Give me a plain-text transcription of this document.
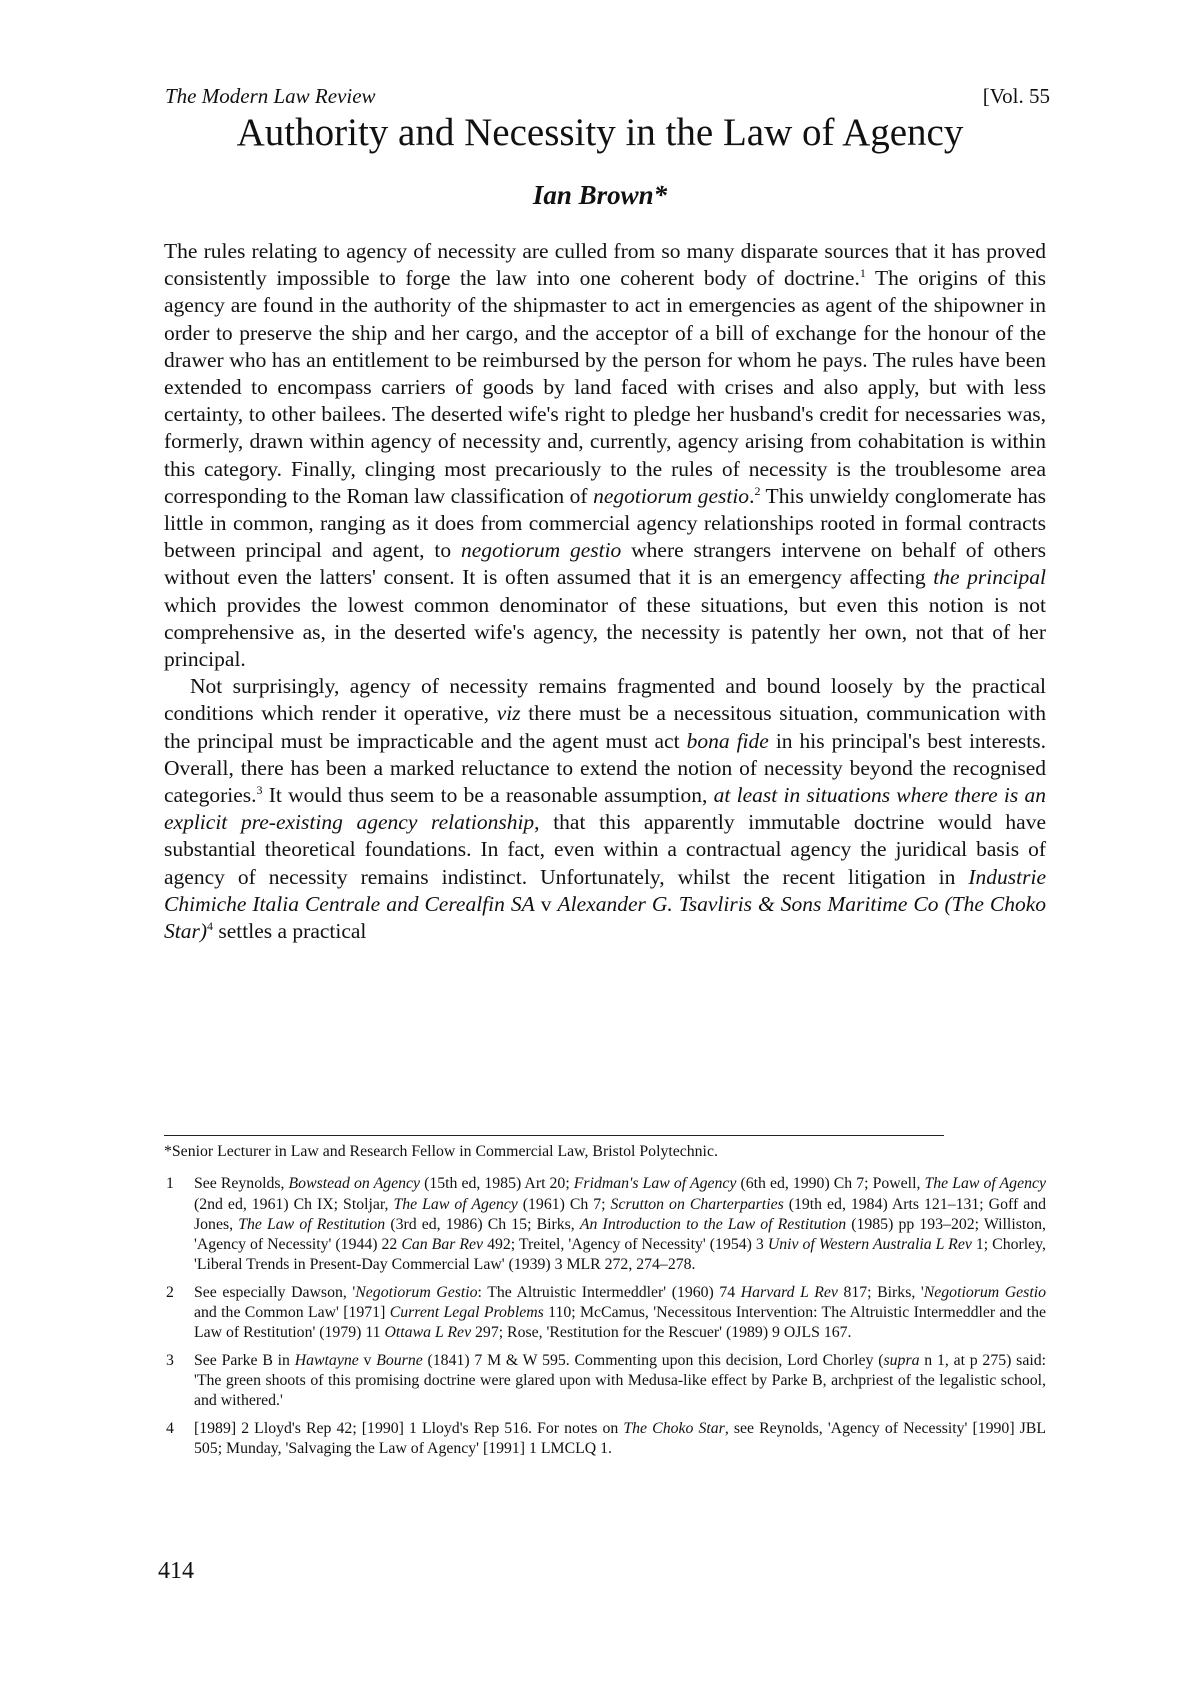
The Modern Law Review	[Vol. 55
Authority and Necessity in the Law of Agency
Ian Brown*

The rules relating to agency of necessity are culled from so many disparate sources that it has proved consistently impossible to forge the law into one coherent body of doctrine.$^1$ The origins of this agency are found in the authority of the shipmaster to act in emergencies as agent of the shipowner in order to preserve the ship and her cargo, and the acceptor of a bill of exchange for the honour of the drawer who has an entitlement to be reimbursed by the person for whom he pays. The rules have been extended to encompass carriers of goods by land faced with crises and also apply, but with less certainty, to other bailees. The deserted wife's right to pledge her husband's credit for necessaries was, formerly, drawn within agency of necessity and, currently, agency arising from cohabitation is within this category. Finally, clinging most precariously to the rules of necessity is the troublesome area corresponding to the Roman law classification of negotiorum gestio.$^2$ This unwieldy conglomerate has little in common, ranging as it does from commercial agency relationships rooted in formal contracts between principal and agent, to negotiorum gestio where strangers intervene on behalf of others without even the latters' consent. It is often assumed that it is an emergency affecting the principal which provides the lowest common denominator of these situations, but even this notion is not comprehensive as, in the deserted wife's agency, the necessity is patently her own, not that of her principal.

Not surprisingly, agency of necessity remains fragmented and bound loosely by the practical conditions which render it operative, viz there must be a necessitous situation, communication with the principal must be impracticable and the agent must act bona fide in his principal's best interests. Overall, there has been a marked reluctance to extend the notion of necessity beyond the recognised categories.$^3$ It would thus seem to be a reasonable assumption, at least in situations where there is an explicit pre-existing agency relationship, that this apparently immutable doctrine would have substantial theoretical foundations. In fact, even within a contractual agency the juridical basis of agency of necessity remains indistinct. Unfortunately, whilst the recent litigation in Industrie Chimiche Italia Centrale and Cerealfin SA v Alexander G. Tsavliris & Sons Maritime Co (The Choko Star)$^4$ settles a practical

*Senior Lecturer in Law and Research Fellow in Commercial Law, Bristol Polytechnic.
1	See Reynolds, Bowstead on Agency (15th ed, 1985) Art 20; Fridman's Law of Agency (6th ed, 1990) Ch 7; Powell, The Law of Agency (2nd ed, 1961) Ch IX; Stoljar, The Law of Agency (1961) Ch 7; Scrutton on Charterparties (19th ed, 1984) Arts 121–131; Goff and Jones, The Law of Restitution (3rd ed, 1986) Ch 15; Birks, An Introduction to the Law of Restitution (1985) pp 193–202; Williston, 'Agency of Necessity' (1944) 22 Can Bar Rev 492; Treitel, 'Agency of Necessity' (1954) 3 Univ of Western Australia L Rev 1; Chorley, 'Liberal Trends in Present-Day Commercial Law' (1939) 3 MLR 272, 274–278.
2	See especially Dawson, 'Negotiorum Gestio: The Altruistic Intermeddler' (1960) 74 Harvard L Rev 817; Birks, 'Negotiorum Gestio and the Common Law' [1971] Current Legal Problems 110; McCamus, 'Necessitous Intervention: The Altruistic Intermeddler and the Law of Restitution' (1979) 11 Ottawa L Rev 297; Rose, 'Restitution for the Rescuer' (1989) 9 OJLS 167.
3	See Parke B in Hawtayne v Bourne (1841) 7 M & W 595. Commenting upon this decision, Lord Chorley (supra n 1, at p 275) said: 'The green shoots of this promising doctrine were glared upon with Medusa-like effect by Parke B, archpriest of the legalistic school, and withered.'
4	[1989] 2 Lloyd's Rep 42; [1990] 1 Lloyd's Rep 516. For notes on The Choko Star, see Reynolds, 'Agency of Necessity' [1990] JBL 505; Munday, 'Salvaging the Law of Agency' [1991] 1 LMCLQ 1.
414
